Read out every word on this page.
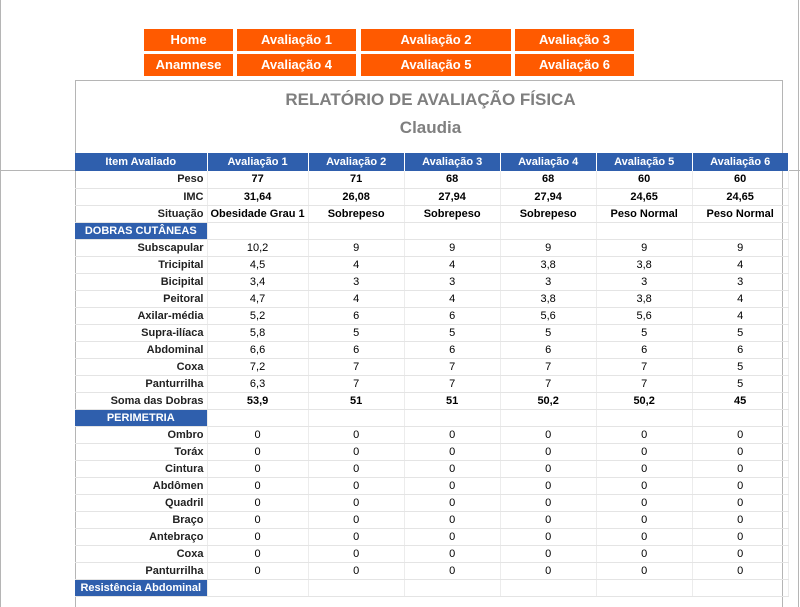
Home	Avaliação 1	Avaliação 2	Avaliação 3
Anamnese	Avaliação 4	Avaliação 5	Avaliação 6
RELATÓRIO DE AVALIAÇÃO FÍSICA
Claudia
Item Avaliado	Avaliação 1	Avaliação 2	Avaliação 3	Avaliação 4	Avaliação 5	Avaliação 6
Peso	77	71	68	68	60	60
IMC	31,64	26,08	27,94	27,94	24,65	24,65
Situação	Obesidade Grau 1	Sobrepeso	Sobrepeso	Sobrepeso	Peso Normal	Peso Normal
DOBRAS CUTÂNEAS						
Subscapular	10,2	9	9	9	9	9
Tricipital	4,5	4	4	3,8	3,8	4
Bicipital	3,4	3	3	3	3	3
Peitoral	4,7	4	4	3,8	3,8	4
Axilar-média	5,2	6	6	5,6	5,6	4
Supra-ilíaca	5,8	5	5	5	5	5
Abdominal	6,6	6	6	6	6	6
Coxa	7,2	7	7	7	7	5
Panturrilha	6,3	7	7	7	7	5
Soma das Dobras	53,9	51	51	50,2	50,2	45
PERIMETRIA						
Ombro	0	0	0	0	0	0
Toráx	0	0	0	0	0	0
Cintura	0	0	0	0	0	0
Abdômen	0	0	0	0	0	0
Quadril	0	0	0	0	0	0
Braço	0	0	0	0	0	0
Antebraço	0	0	0	0	0	0
Coxa	0	0	0	0	0	0
Panturrilha	0	0	0	0	0	0
Resistência Abdominal						
